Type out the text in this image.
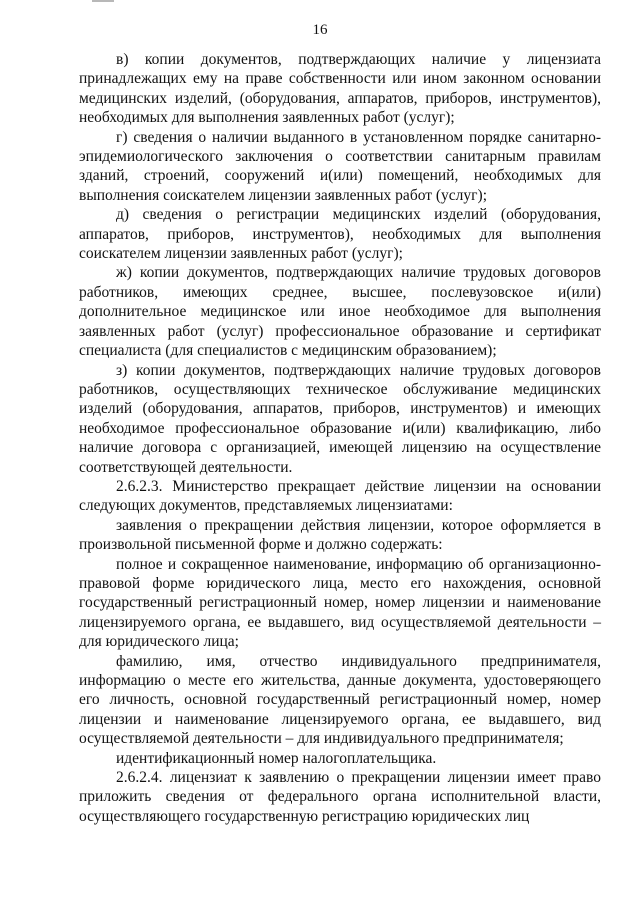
16

в) копии документов, подтверждающих наличие у лицензиата принадлежащих ему на праве собственности или ином законном основании медицинских изделий, (оборудования, аппаратов, приборов, инструментов), необходимых для выполнения заявленных работ (услуг);

г) сведения о наличии выданного в установленном порядке санитарно-эпидемиологического заключения о соответствии санитарным правилам зданий, строений, сооружений и(или) помещений, необходимых для выполнения соискателем лицензии заявленных работ (услуг);

д) сведения о регистрации медицинских изделий (оборудования, аппаратов, приборов, инструментов), необходимых для выполнения соискателем лицензии заявленных работ (услуг);

ж) копии документов, подтверждающих наличие трудовых договоров работников, имеющих среднее, высшее, послевузовское и(или) дополнительное медицинское или иное необходимое для выполнения заявленных работ (услуг) профессиональное образование и сертификат специалиста (для специалистов с медицинским образованием);

з) копии документов, подтверждающих наличие трудовых договоров работников, осуществляющих техническое обслуживание медицинских изделий (оборудования, аппаратов, приборов, инструментов) и имеющих необходимое профессиональное образование и(или) квалификацию, либо наличие договора с организацией, имеющей лицензию на осуществление соответствующей деятельности.

2.6.2.3. Министерство прекращает действие лицензии на основании следующих документов, представляемых лицензиатами:

заявления о прекращении действия лицензии, которое оформляется в произвольной письменной форме и должно содержать:

полное и сокращенное наименование, информацию об организационно-правовой форме юридического лица, место его нахождения, основной государственный регистрационный номер, номер лицензии и наименование лицензируемого органа, ее выдавшего, вид осуществляемой деятельности – для юридического лица;

фамилию, имя, отчество индивидуального предпринимателя, информацию о месте его жительства, данные документа, удостоверяющего его личность, основной государственный регистрационный номер, номер лицензии и наименование лицензируемого органа, ее выдавшего, вид осуществляемой деятельности – для индивидуального предпринимателя;

идентификационный номер налогоплательщика.

2.6.2.4. лицензиат к заявлению о прекращении лицензии имеет право приложить сведения от федерального органа исполнительной власти, осуществляющего государственную регистрацию юридических лиц
